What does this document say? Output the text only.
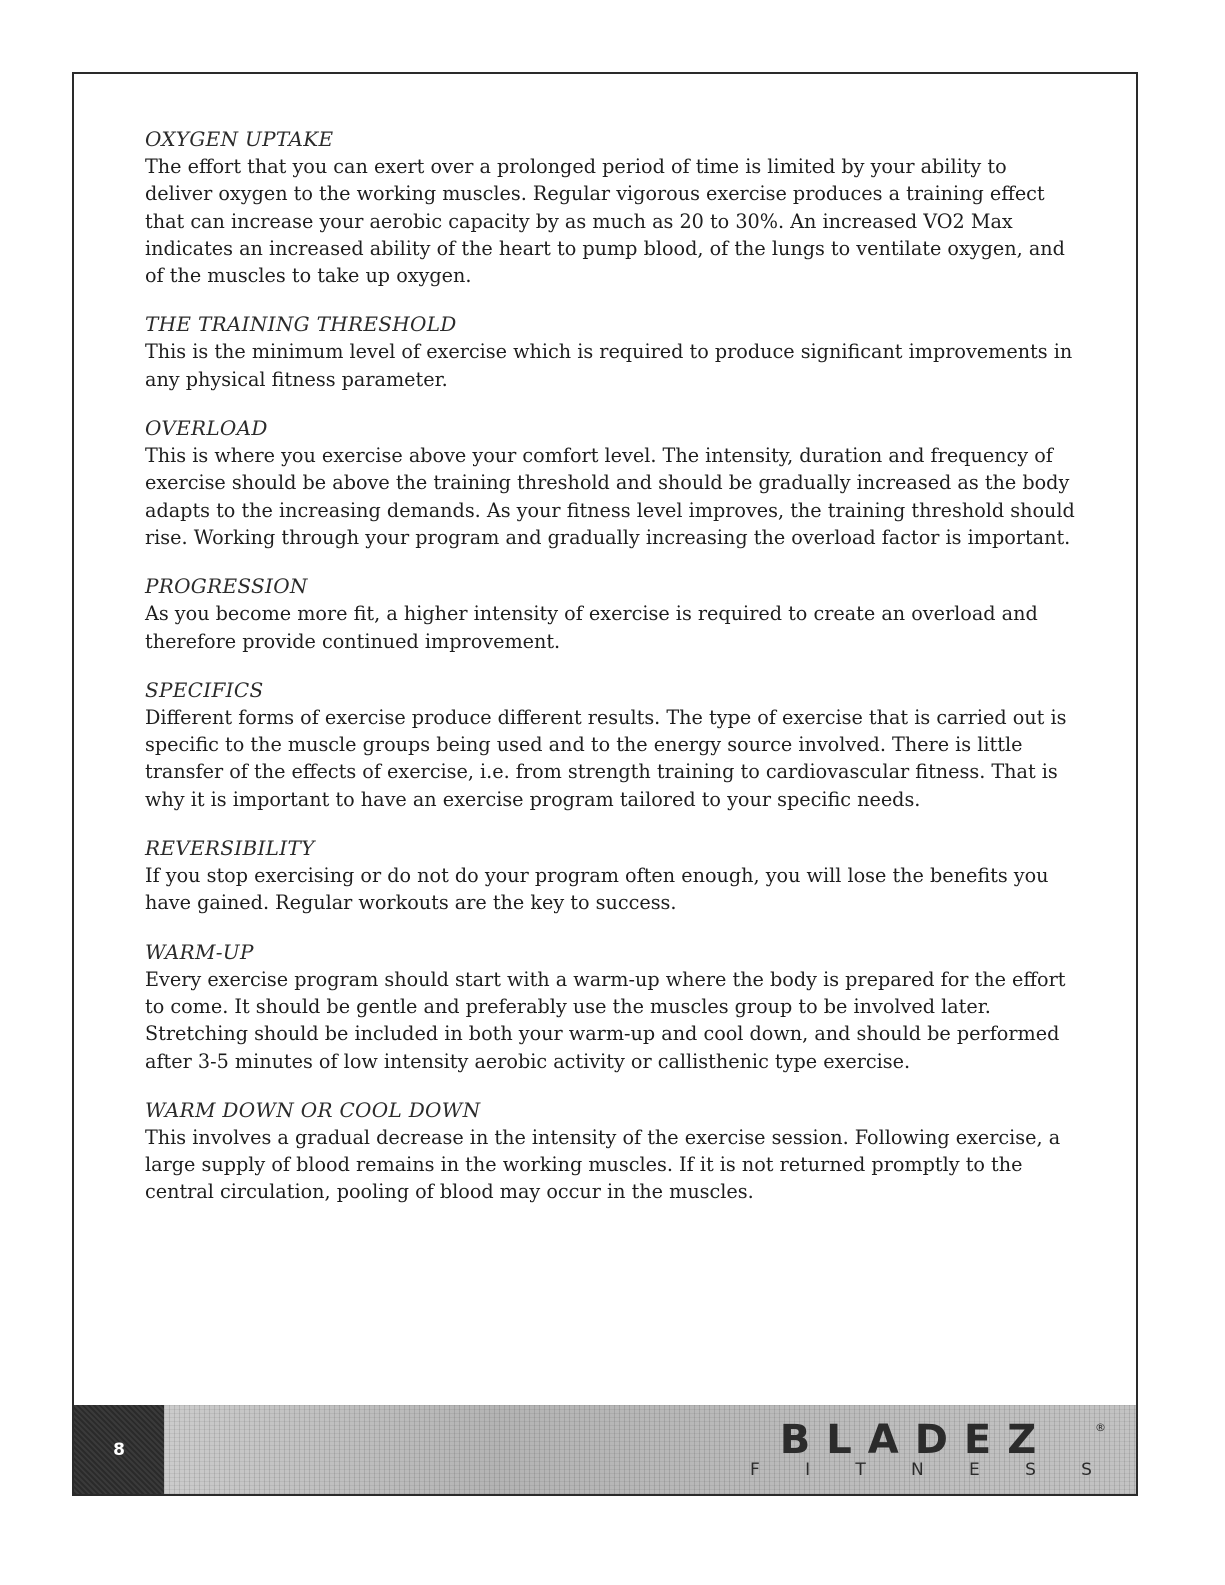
OXYGEN UPTAKE

The effort that you can exert over a prolonged period of time is limited by your ability to deliver oxygen to the working muscles. Regular vigorous exercise produces a training effect that can increase your aerobic capacity by as much as 20 to 30%. An increased VO2 Max indicates an increased ability of the heart to pump blood, of the lungs to ventilate oxygen, and of the muscles to take up oxygen.

THE TRAINING THRESHOLD

This is the minimum level of exercise which is required to produce significant improvements in any physical fitness parameter.

OVERLOAD

This is where you exercise above your comfort level. The intensity, duration and frequency of exercise should be above the training threshold and should be gradually increased as the body adapts to the increasing demands. As your fitness level improves, the training threshold should rise. Working through your program and gradually increasing the overload factor is important.

PROGRESSION

As you become more fit, a higher intensity of exercise is required to create an overload and therefore provide continued improvement.

SPECIFICS

Different forms of exercise produce different results. The type of exercise that is carried out is specific to the muscle groups being used and to the energy source involved. There is little transfer of the effects of exercise, i.e. from strength training to cardiovascular fitness. That is why it is important to have an exercise program tailored to your specific needs.

REVERSIBILITY

If you stop exercising or do not do your program often enough, you will lose the benefits you have gained. Regular workouts are the key to success.

WARM-UP

Every exercise program should start with a warm-up where the body is prepared for the effort to come. It should be gentle and preferably use the muscles group to be involved later. Stretching should be included in both your warm-up and cool down, and should be performed after 3-5 minutes of low intensity aerobic activity or callisthenic type exercise.

WARM DOWN OR COOL DOWN

This involves a gradual decrease in the intensity of the exercise session. Following exercise, a large supply of blood remains in the working muscles. If it is not returned promptly to the central circulation, pooling of blood may occur in the muscles.

8	BLADEZ	®
F	I	T	N	E	S	S
